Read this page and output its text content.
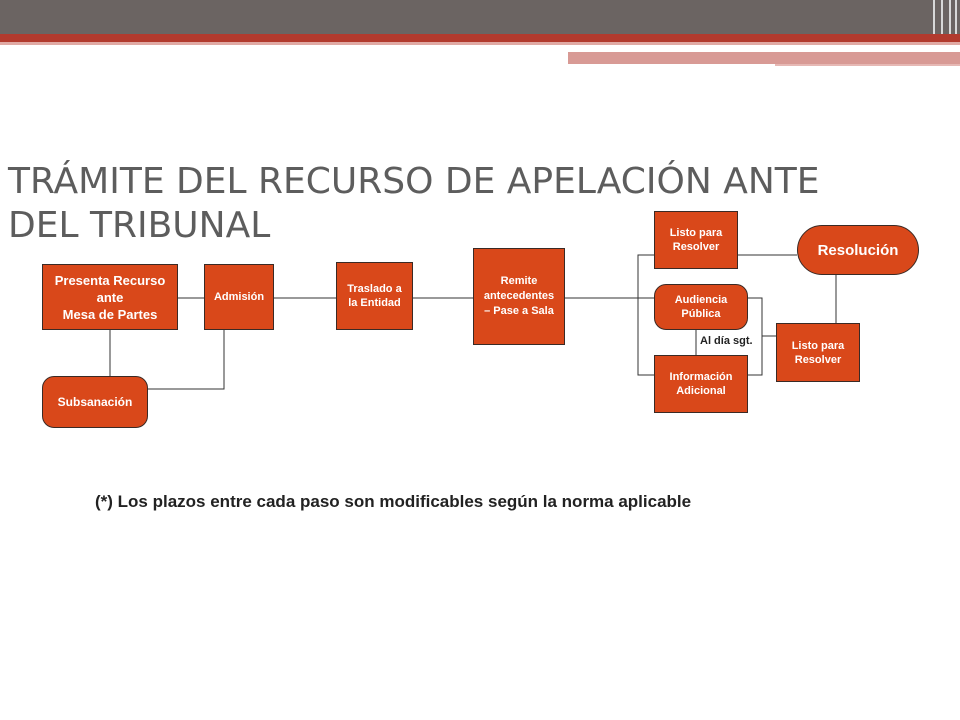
TRÁMITE DEL RECURSO DE APELACIÓN ANTE DEL TRIBUNAL
Presenta Recurso
ante
Mesa de Partes
Admisión
Subsanación
Traslado a
la Entidad
Remite
antecedentes
– Pase a Sala
Listo para
Resolver
Audiencia
Pública
Información
Adicional
Listo para
Resolver
Resolución
Al día sgt.
(*) Los plazos entre cada paso son modificables según la norma aplicable
